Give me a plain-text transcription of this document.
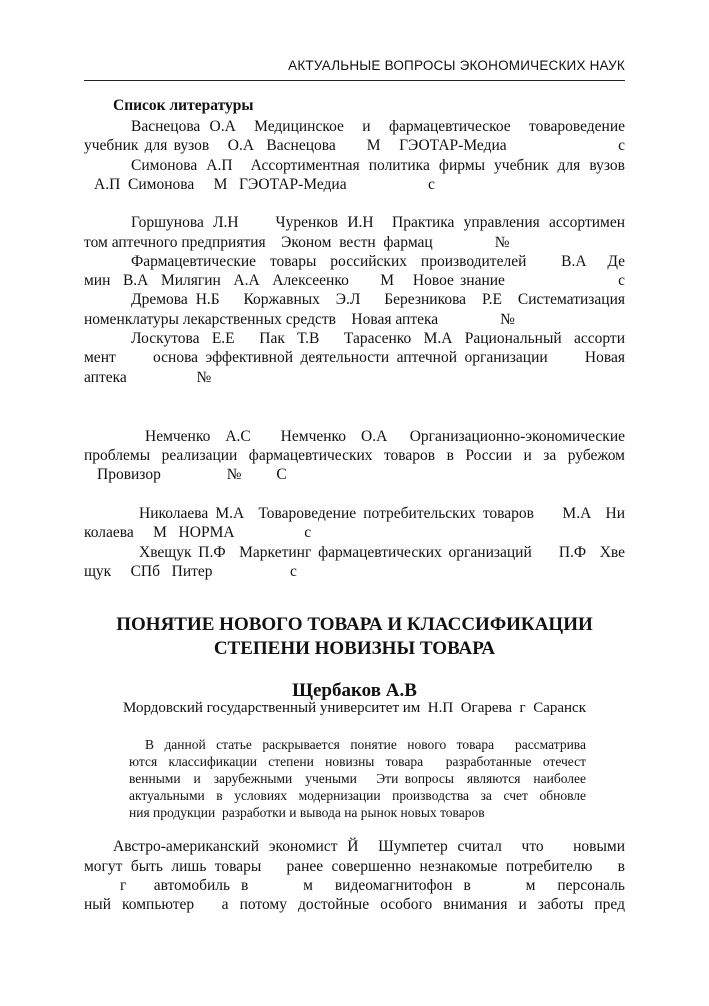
АКТУАЛЬНЫЕ ВОПРОСЫ ЭКОНОМИЧЕСКИХ НАУК
Список литературы
Васнецова О.А  Медицинское  и  фармацевтическое  товароведение
учебник для вузов   О.А  Васнецова     М   ГЭОТАР-Медиа                  с
Симонова А.П  Ассортиментная политика фирмы учебник для вузов
А.П  Симонова     М   ГЭОТАР-Медиа                     с
Горшунова Л.Н    Чуренков И.Н  Практика управления ассортимен
том аптечного предприятия    Эконом  вестн  фармац                №
Фармацевтические  товары  российских  производителей     В.А   Де
мин  В.А  Милягин  А.А  Алексеенко     М   Новое знание                  с
Дремова Н.Б   Коржавных  Э.Л   Березникова  Р.Е  Систематизация
номенклатуры лекарственных средств    Новая аптека                №
Лоскутова  Е.Е    Пак  Т.В    Тарасенко  М.А  Рациональный  ассорти
мент     основа эффективной деятельности аптечной организации     Новая
аптека                  №
Немченко  А.С    Немченко  О.А   Организационно-экономические
проблемы реализации фармацевтических товаров в России и за рубежом
Провизор                 №         С
Николаева М.А  Товароведение потребительских товаров    М.А  Ни
колаева     М   НОРМА                  с
Хвещук П.Ф  Маркетинг фармацевтических организаций    П.Ф  Хве
щук     СПб   Питер                    с
ПОНЯТИЕ НОВОГО ТОВАРА И КЛАССИФИКАЦИИ
СТЕПЕНИ НОВИЗНЫ ТОВАРА
Щербаков А.В
Мордовский государственный университет им  Н.П  Огарева  г  Саранск
В данной статье раскрывается понятие нового товара  рассматрива
ются классификации степени новизны товара  разработанные отечест
венными  и  зарубежными  учеными   Эти вопросы  являются  наиболее
актуальными в условиях модернизации производства за счет обновле
ния продукции  разработки и вывода на рынок новых товаров
Австро-американский экономист Й  Шумпетер считал  что   новыми
могут быть лишь товары   ранее совершенно незнакомые потребителю   в
г     автомобиль  в          м    видеомагнитофон  в          м    персональ
ный  компьютер     а  потому  достойные  особого  внимания  и  заботы  пред
